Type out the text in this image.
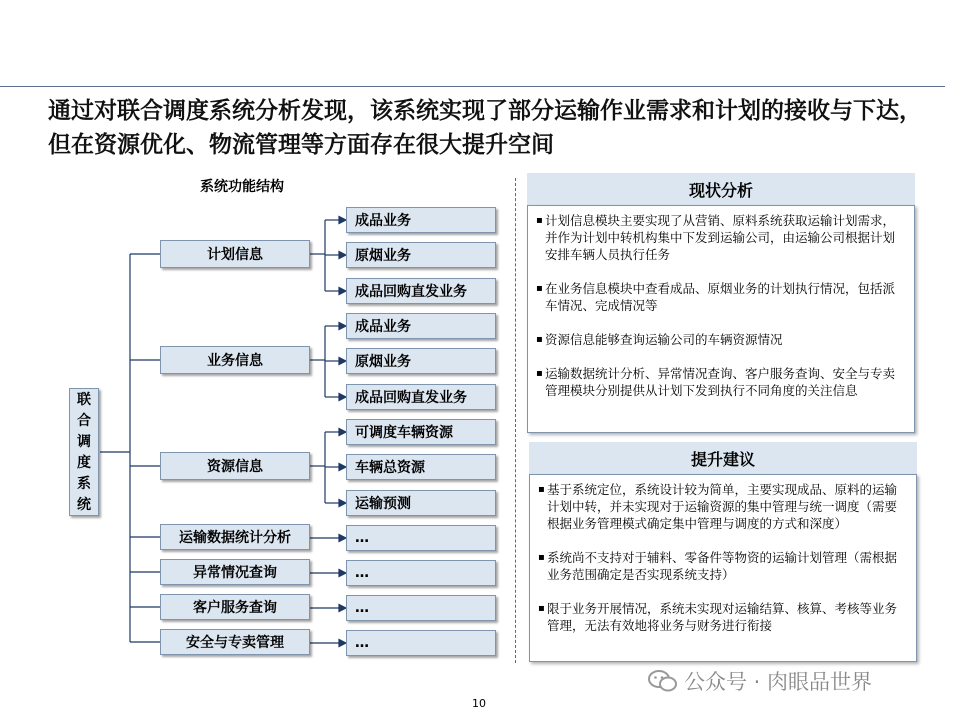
通过对联合调度系统分析发现，该系统实现了部分运输作业需求和计划的接收与下达，但在资源优化、物流管理等方面存在很大提升空间
系统功能结构
联
合
调
度
系
统
计划信息
业务信息
资源信息
运输数据统计分析
异常情况查询
客户服务查询
安全与专卖管理
成品业务
原烟业务
成品回购直发业务
成品业务
原烟业务
成品回购直发业务
可调度车辆资源
车辆总资源
运输预测
…
…
…
…
现状分析
▪ 计划信息模块主要实现了从营销、原料系统获取运输计划需求，并作为计划中转机构集中下发到运输公司，由运输公司根据计划安排车辆人员执行任务
▪ 在业务信息模块中查看成品、原烟业务的计划执行情况，包括派车情况、完成情况等
▪ 资源信息能够查询运输公司的车辆资源情况
▪ 运输数据统计分析、异常情况查询、客户服务查询、安全与专卖管理模块分别提供从计划下发到执行不同角度的关注信息
提升建议
▪ 基于系统定位，系统设计较为简单，主要实现成品、原料的运输计划中转，并未实现对于运输资源的集中管理与统一调度（需要根据业务管理模式确定集中管理与调度的方式和深度）
▪ 系统尚不支持对于辅料、零备件等物资的运输计划管理（需根据业务范围确定是否实现系统支持）
▪ 限于业务开展情况，系统未实现对运输结算、核算、考核等业务管理，无法有效地将业务与财务进行衔接
10
公众号 · 肉眼品世界
